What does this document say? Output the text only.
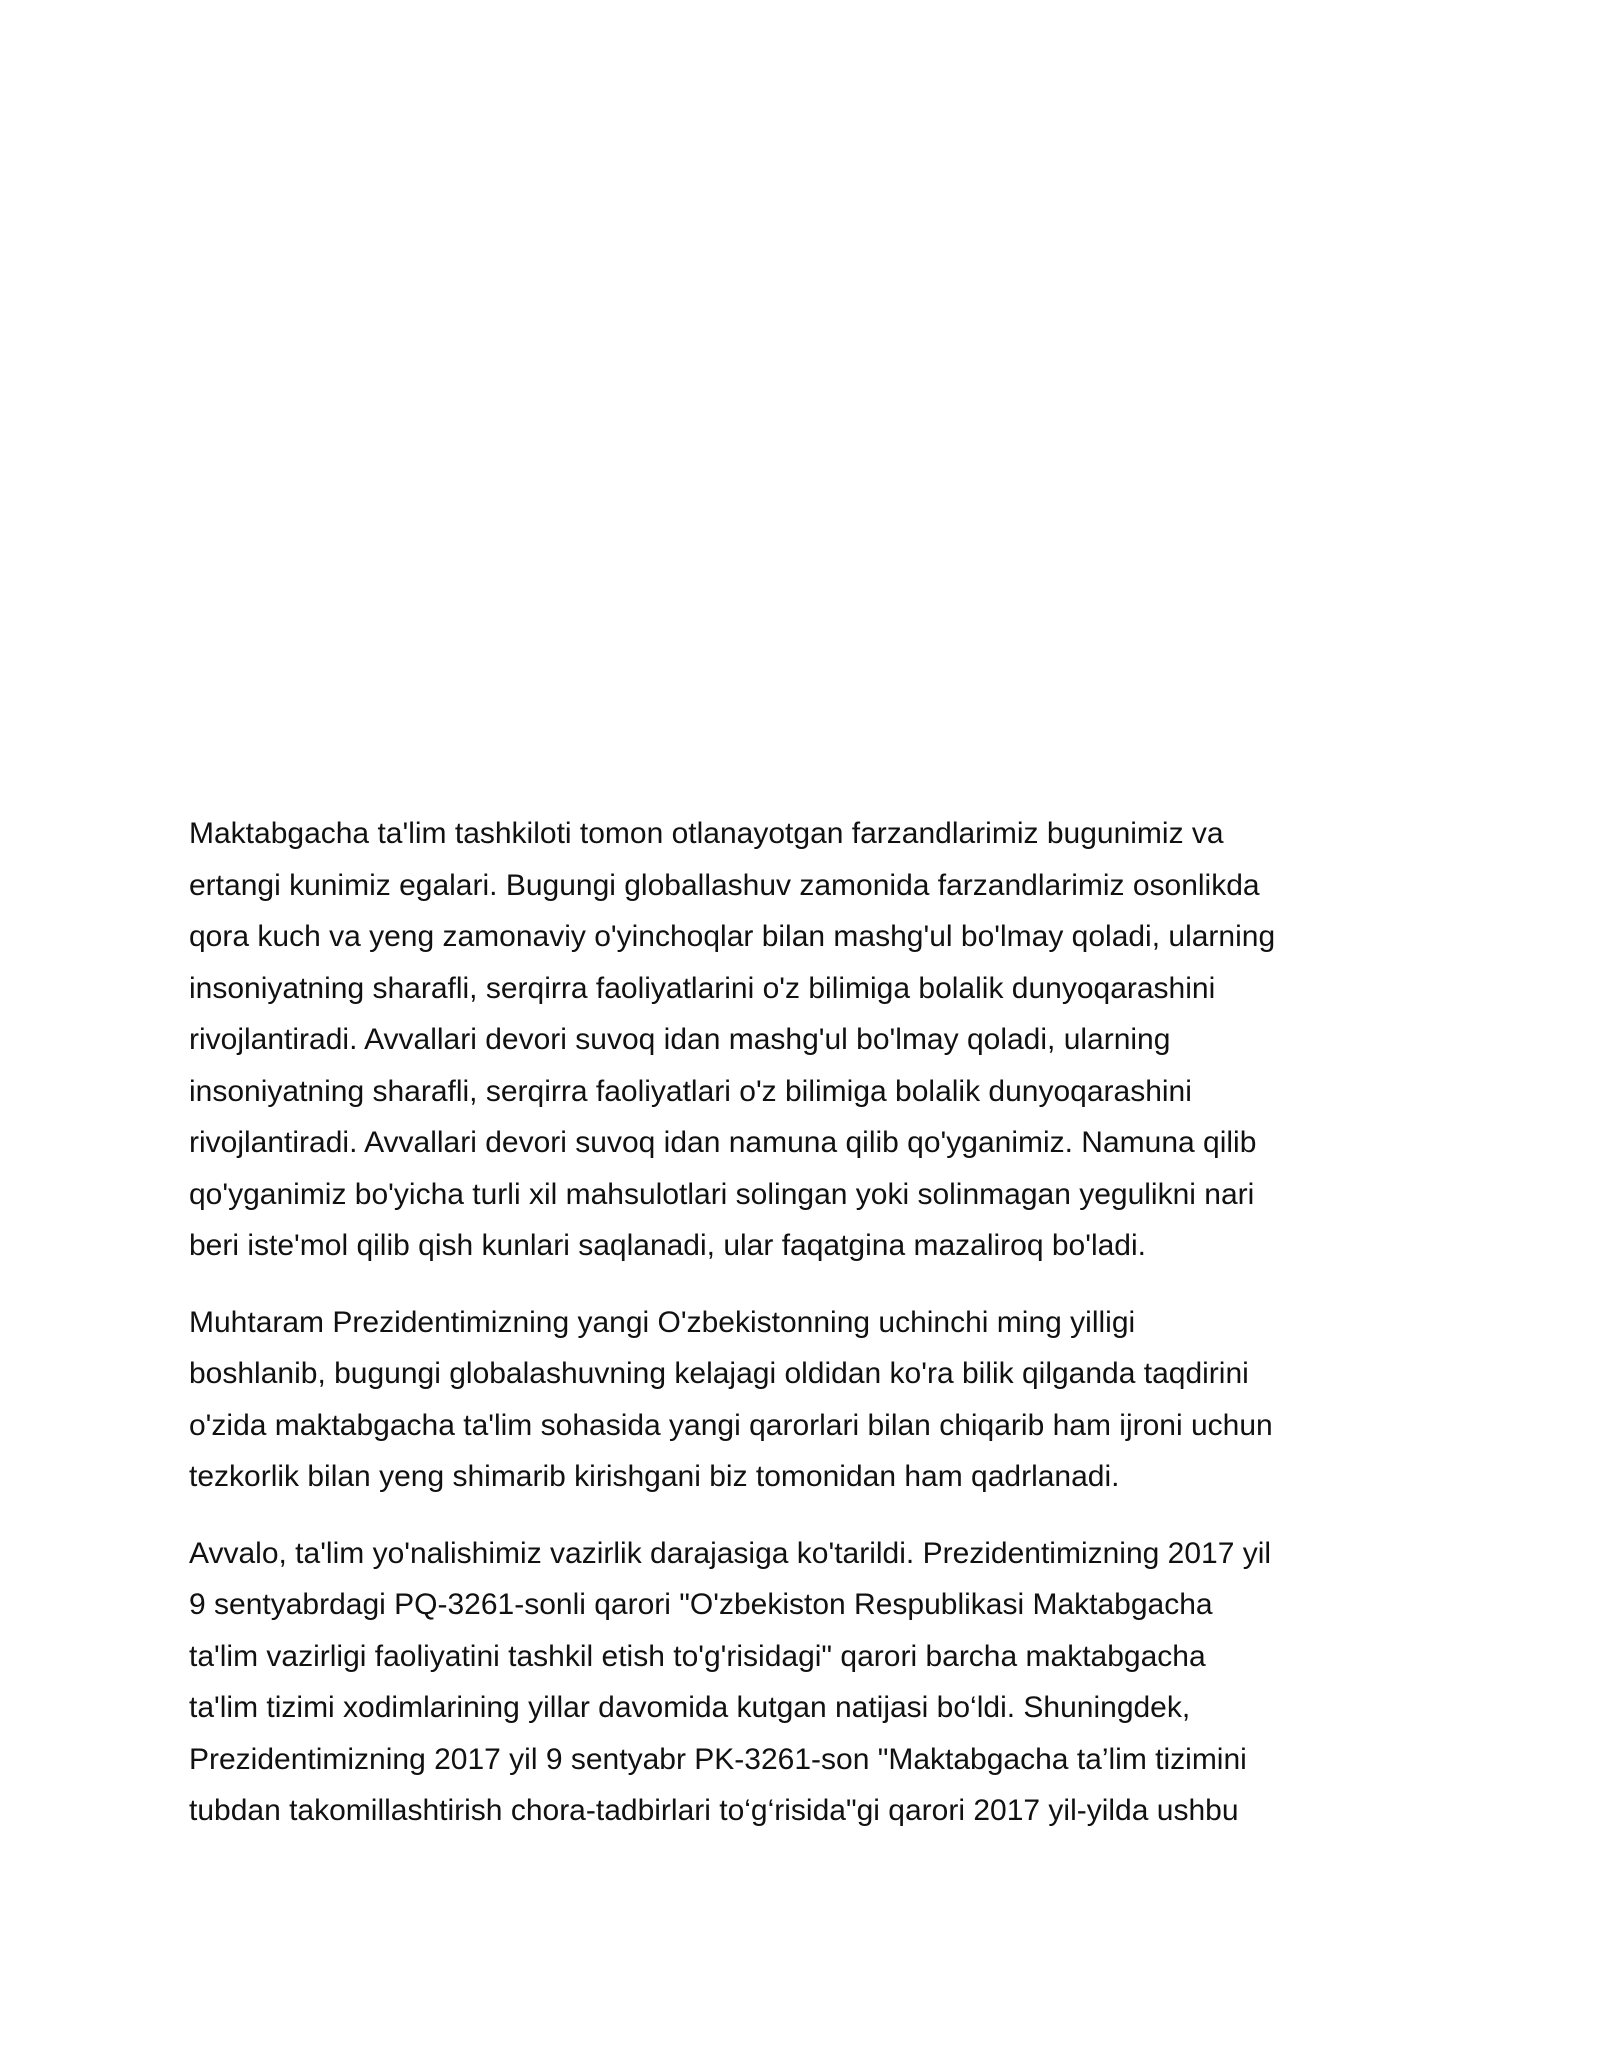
Maktabgacha ta'lim tashkiloti tomon otlanayotgan farzandlarimiz bugunimiz va
ertangi kunimiz egalari. Bugungi globallashuv zamonida farzandlarimiz osonlikda
qora kuch va yeng zamonaviy o'yinchoqlar bilan mashg'ul bo'lmay qoladi, ularning
insoniyatning sharafli, serqirra faoliyatlarini o'z bilimiga bolalik dunyoqarashini
rivojlantiradi. Avvallari devori suvoq idan mashg'ul bo'lmay qoladi, ularning
insoniyatning sharafli, serqirra faoliyatlari o'z bilimiga bolalik dunyoqarashini
rivojlantiradi. Avvallari devori suvoq idan namuna qilib qo'yganimiz. Namuna qilib
qo'yganimiz bo'yicha turli xil mahsulotlari solingan yoki solinmagan yegulikni nari
beri iste'mol qilib qish kunlari saqlanadi, ular faqatgina mazaliroq bo'ladi.

Muhtaram Prezidentimizning yangi O'zbekistonning uchinchi ming yilligi
boshlanib, bugungi globalashuvning kelajagi oldidan ko'ra bilik qilganda taqdirini
o'zida maktabgacha ta'lim sohasida yangi qarorlari bilan chiqarib ham ijroni uchun
tezkorlik bilan yeng shimarib kirishgani biz tomonidan ham qadrlanadi.

Avvalo, ta'lim yo'nalishimiz vazirlik darajasiga ko'tarildi. Prezidentimizning 2017 yil
9 sentyabrdagi PQ-3261-sonli qarori "O'zbekiston Respublikasi Maktabgacha
ta'lim vazirligi faoliyatini tashkil etish to'g'risidagi" qarori barcha maktabgacha
ta'lim tizimi xodimlarining yillar davomida kutgan natijasi bo‘ldi. Shuningdek,
Prezidentimizning 2017 yil 9 sentyabr PK-3261-son "Maktabgacha ta’lim tizimini
tubdan takomillashtirish chora-tadbirlari to‘g‘risida"gi qarori 2017 yil-yilda ushbu
